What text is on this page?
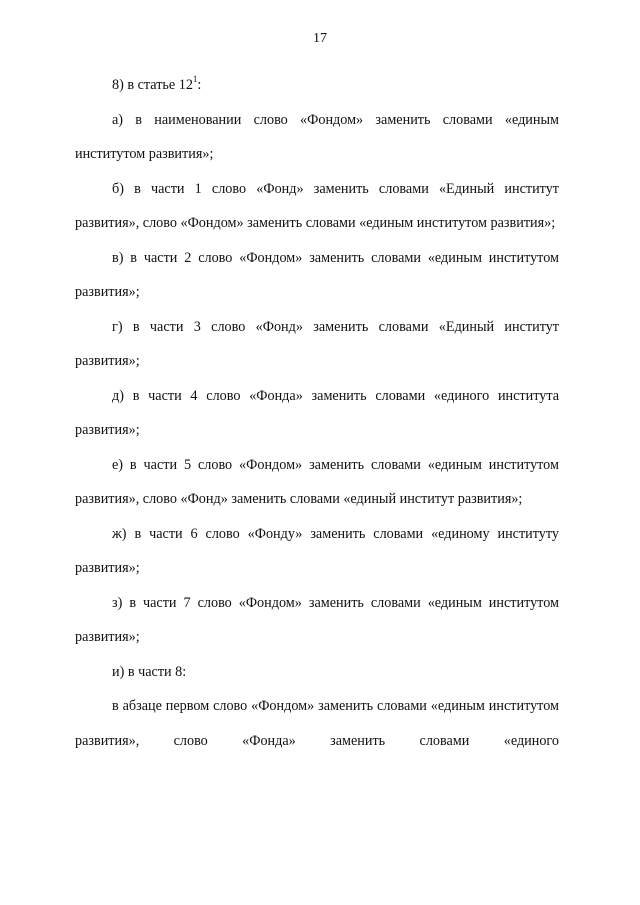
17

8) в статье $12^1$:

а) в наименовании слово «Фондом» заменить словами «единым институтом развития»;

б) в части 1 слово «Фонд» заменить словами «Единый институт развития», слово «Фондом» заменить словами «единым институтом развития»;

в) в части 2 слово «Фондом» заменить словами «единым институтом развития»;

г) в части 3 слово «Фонд» заменить словами «Единый институт развития»;

д) в части 4 слово «Фонда» заменить словами «единого института развития»;

е) в части 5 слово «Фондом» заменить словами «единым институтом развития», слово «Фонд» заменить словами «единый институт развития»;

ж) в части 6 слово «Фонду» заменить словами «единому институту развития»;

з) в части 7 слово «Фондом» заменить словами «единым институтом развития»;

и) в части 8:

в абзаце первом слово «Фондом» заменить словами «единым институтом развития», слово «Фонда» заменить словами «единого
